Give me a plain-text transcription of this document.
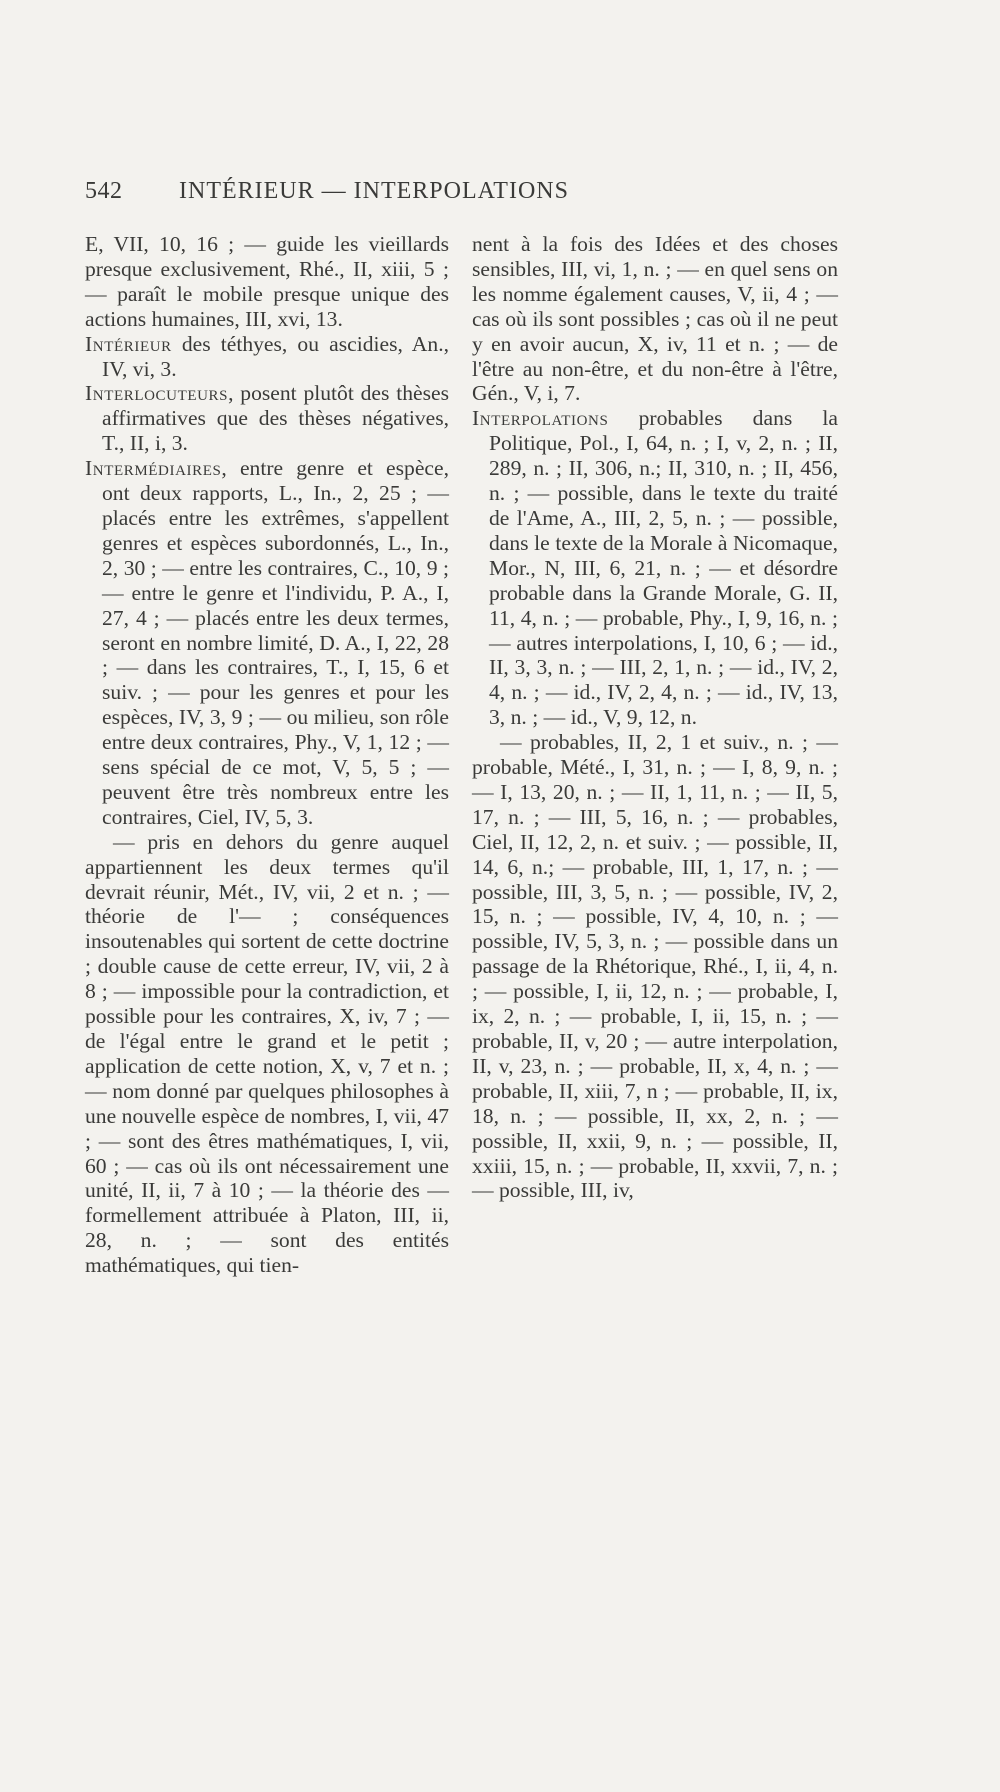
542	INTÉRIEUR — INTERPOLATIONS

E, VII, 10, 16 ; — guide les vieillards presque exclusivement, Rhé., II, xiii, 5 ; — paraît le mobile presque unique des actions humaines, III, xvi, 13.

Intérieur des téthyes, ou ascidies, An., IV, vi, 3.

Interlocuteurs, posent plutôt des thèses affirmatives que des thèses négatives, T., II, i, 3.

Intermédiaires, entre genre et espèce, ont deux rapports, L., In., 2, 25 ; — placés entre les extrêmes, s'appellent genres et espèces subordonnés, L., In., 2, 30 ; — entre les contraires, C., 10, 9 ; — entre le genre et l'individu, P. A., I, 27, 4 ; — placés entre les deux termes, seront en nombre limité, D. A., I, 22, 28 ; — dans les contraires, T., I, 15, 6 et suiv. ; — pour les genres et pour les espèces, IV, 3, 9 ; — ou milieu, son rôle entre deux contraires, Phy., V, 1, 12 ; — sens spécial de ce mot, V, 5, 5 ; — peuvent être très nombreux entre les contraires, Ciel, IV, 5, 3.

— pris en dehors du genre auquel appartiennent les deux termes qu'il devrait réunir, Mét., IV, vii, 2 et n. ; — théorie de l'— ; conséquences insoutenables qui sortent de cette doctrine ; double cause de cette erreur, IV, vii, 2 à 8 ; — impossible pour la contradiction, et possible pour les contraires, X, iv, 7 ; — de l'égal entre le grand et le petit ; application de cette notion, X, v, 7 et n. ; — nom donné par quelques philosophes à une nouvelle espèce de nombres, I, vii, 47 ; — sont des êtres mathématiques, I, vii, 60 ; — cas où ils ont nécessairement une unité, II, ii, 7 à 10 ; — la théorie des — formellement attribuée à Platon, III, ii, 28, n. ; — sont des entités mathématiques, qui tien-

nent à la fois des Idées et des choses sensibles, III, vi, 1, n. ; — en quel sens on les nomme également causes, V, ii, 4 ; — cas où ils sont possibles ; cas où il ne peut y en avoir aucun, X, iv, 11 et n. ; — de l'être au non-être, et du non-être à l'être, Gén., V, i, 7.

Interpolations probables dans la Politique, Pol., I, 64, n. ; I, v, 2, n. ; II, 289, n. ; II, 306, n.; II, 310, n. ; II, 456, n. ; — possible, dans le texte du traité de l'Ame, A., III, 2, 5, n. ; — possible, dans le texte de la Morale à Nicomaque, Mor., N, III, 6, 21, n. ; — et désordre probable dans la Grande Morale, G. II, 11, 4, n. ; — probable, Phy., I, 9, 16, n. ; — autres interpolations, I, 10, 6 ; — id., II, 3, 3, n. ; — III, 2, 1, n. ; — id., IV, 2, 4, n. ; — id., IV, 2, 4, n. ; — id., IV, 13, 3, n. ; — id., V, 9, 12, n.

— probables, II, 2, 1 et suiv., n. ; — probable, Mété., I, 31, n. ; — I, 8, 9, n. ; — I, 13, 20, n. ; — II, 1, 11, n. ; — II, 5, 17, n. ; — III, 5, 16, n. ; — probables, Ciel, II, 12, 2, n. et suiv. ; — possible, II, 14, 6, n.; — probable, III, 1, 17, n. ; — possible, III, 3, 5, n. ; — possible, IV, 2, 15, n. ; — possible, IV, 4, 10, n. ; — possible, IV, 5, 3, n. ; — possible dans un passage de la Rhétorique, Rhé., I, ii, 4, n. ; — possible, I, ii, 12, n. ; — probable, I, ix, 2, n. ; — probable, I, ii, 15, n. ; — probable, II, v, 20 ; — autre interpolation, II, v, 23, n. ; — probable, II, x, 4, n. ; — probable, II, xiii, 7, n ; — probable, II, ix, 18, n. ; — possible, II, xx, 2, n. ; — possible, II, xxii, 9, n. ; — possible, II, xxiii, 15, n. ; — probable, II, xxvii, 7, n. ; — possible, III, iv,
